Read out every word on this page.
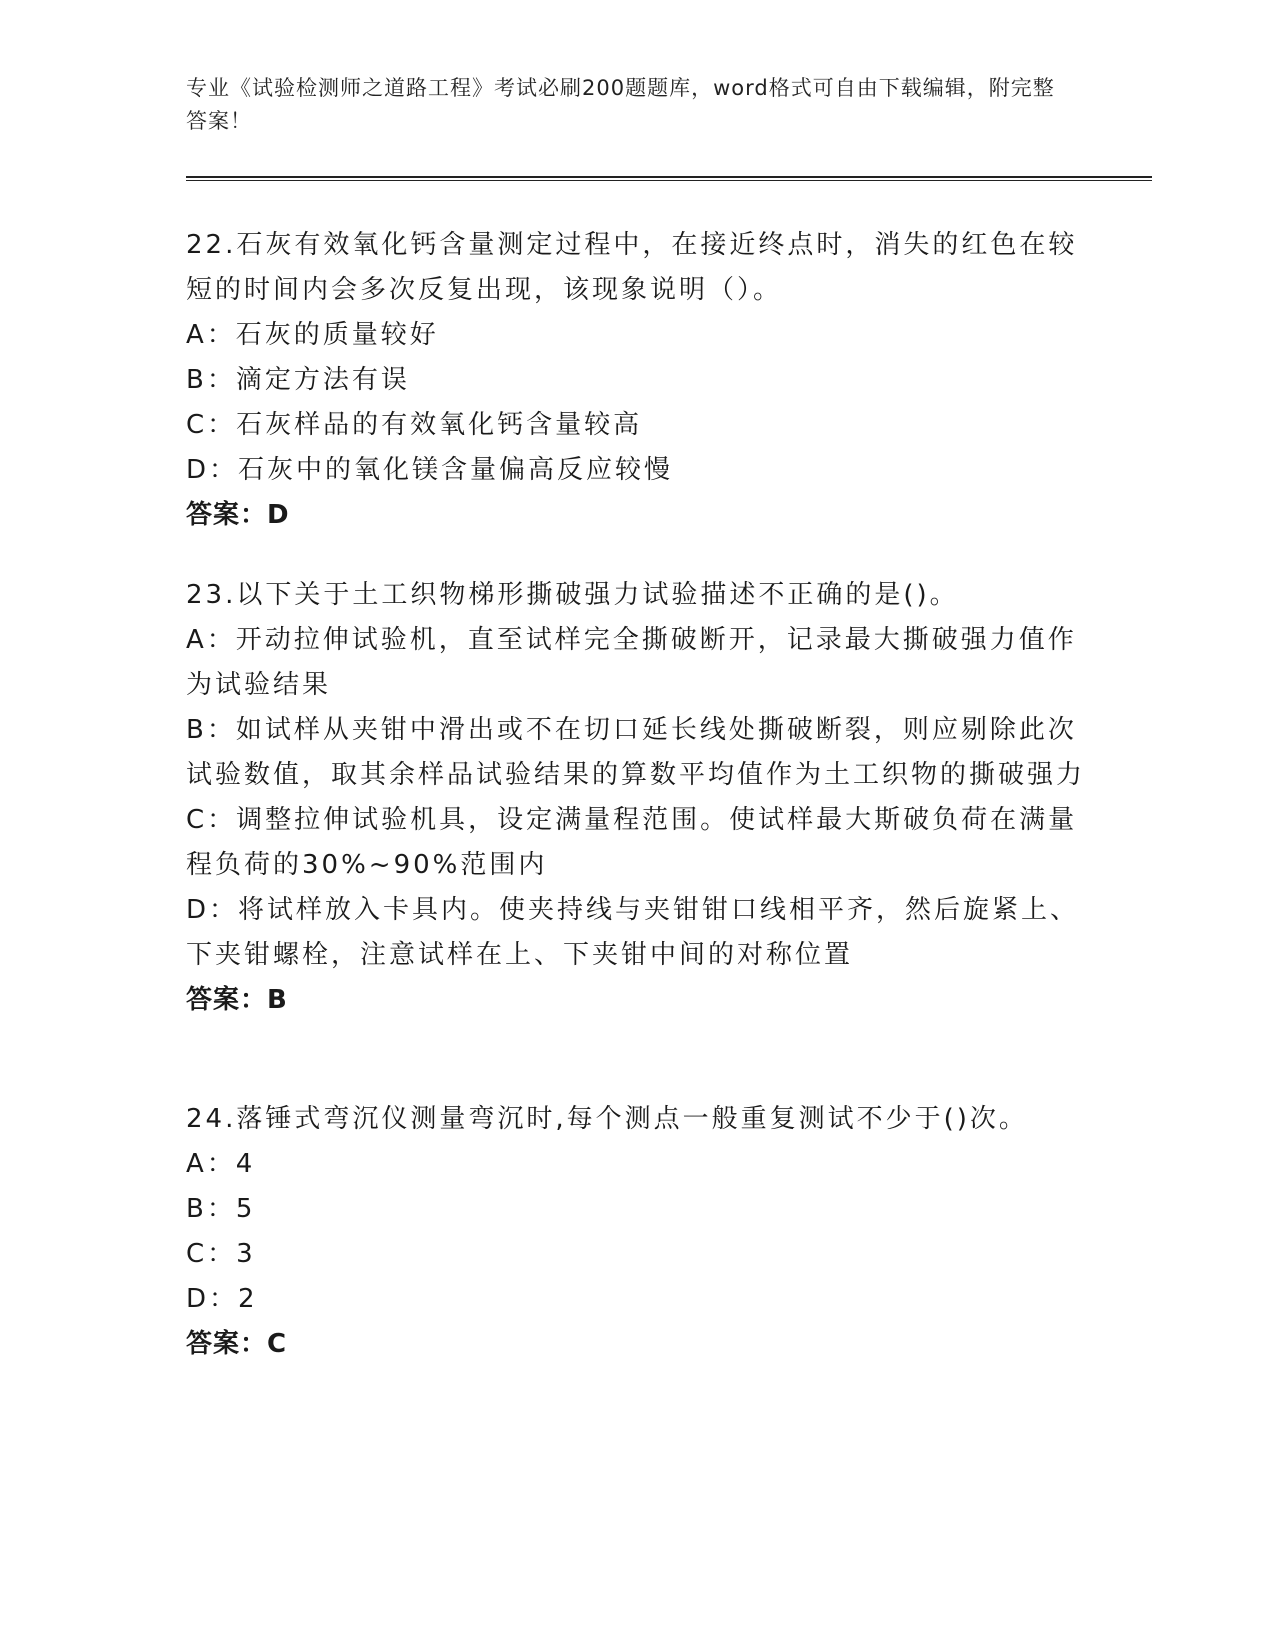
专业《试验检测师之道路工程》考试必刷200题题库，word格式可自由下载编辑，附完整答案！
22.石灰有效氧化钙含量测定过程中，在接近终点时，消失的红色在较短的时间内会多次反复出现，该现象说明（）。
A：石灰的质量较好
B：滴定方法有误
C：石灰样品的有效氧化钙含量较高
D：石灰中的氧化镁含量偏高反应较慢
答案：D
23.以下关于土工织物梯形撕破强力试验描述不正确的是()。
A：开动拉伸试验机，直至试样完全撕破断开，记录最大撕破强力值作为试验结果
B：如试样从夹钳中滑出或不在切口延长线处撕破断裂，则应剔除此次试验数值，取其余样品试验结果的算数平均值作为土工织物的撕破强力
C：调整拉伸试验机具，设定满量程范围。使试样最大斯破负荷在满量程负荷的30%~90%范围内
D：将试样放入卡具内。使夹持线与夹钳钳口线相平齐，然后旋紧上、下夹钳螺栓，注意试样在上、下夹钳中间的对称位置
答案：B
24.落锤式弯沉仪测量弯沉时,每个测点一般重复测试不少于()次。
A：4
B：5
C：3
D：2
答案：C
